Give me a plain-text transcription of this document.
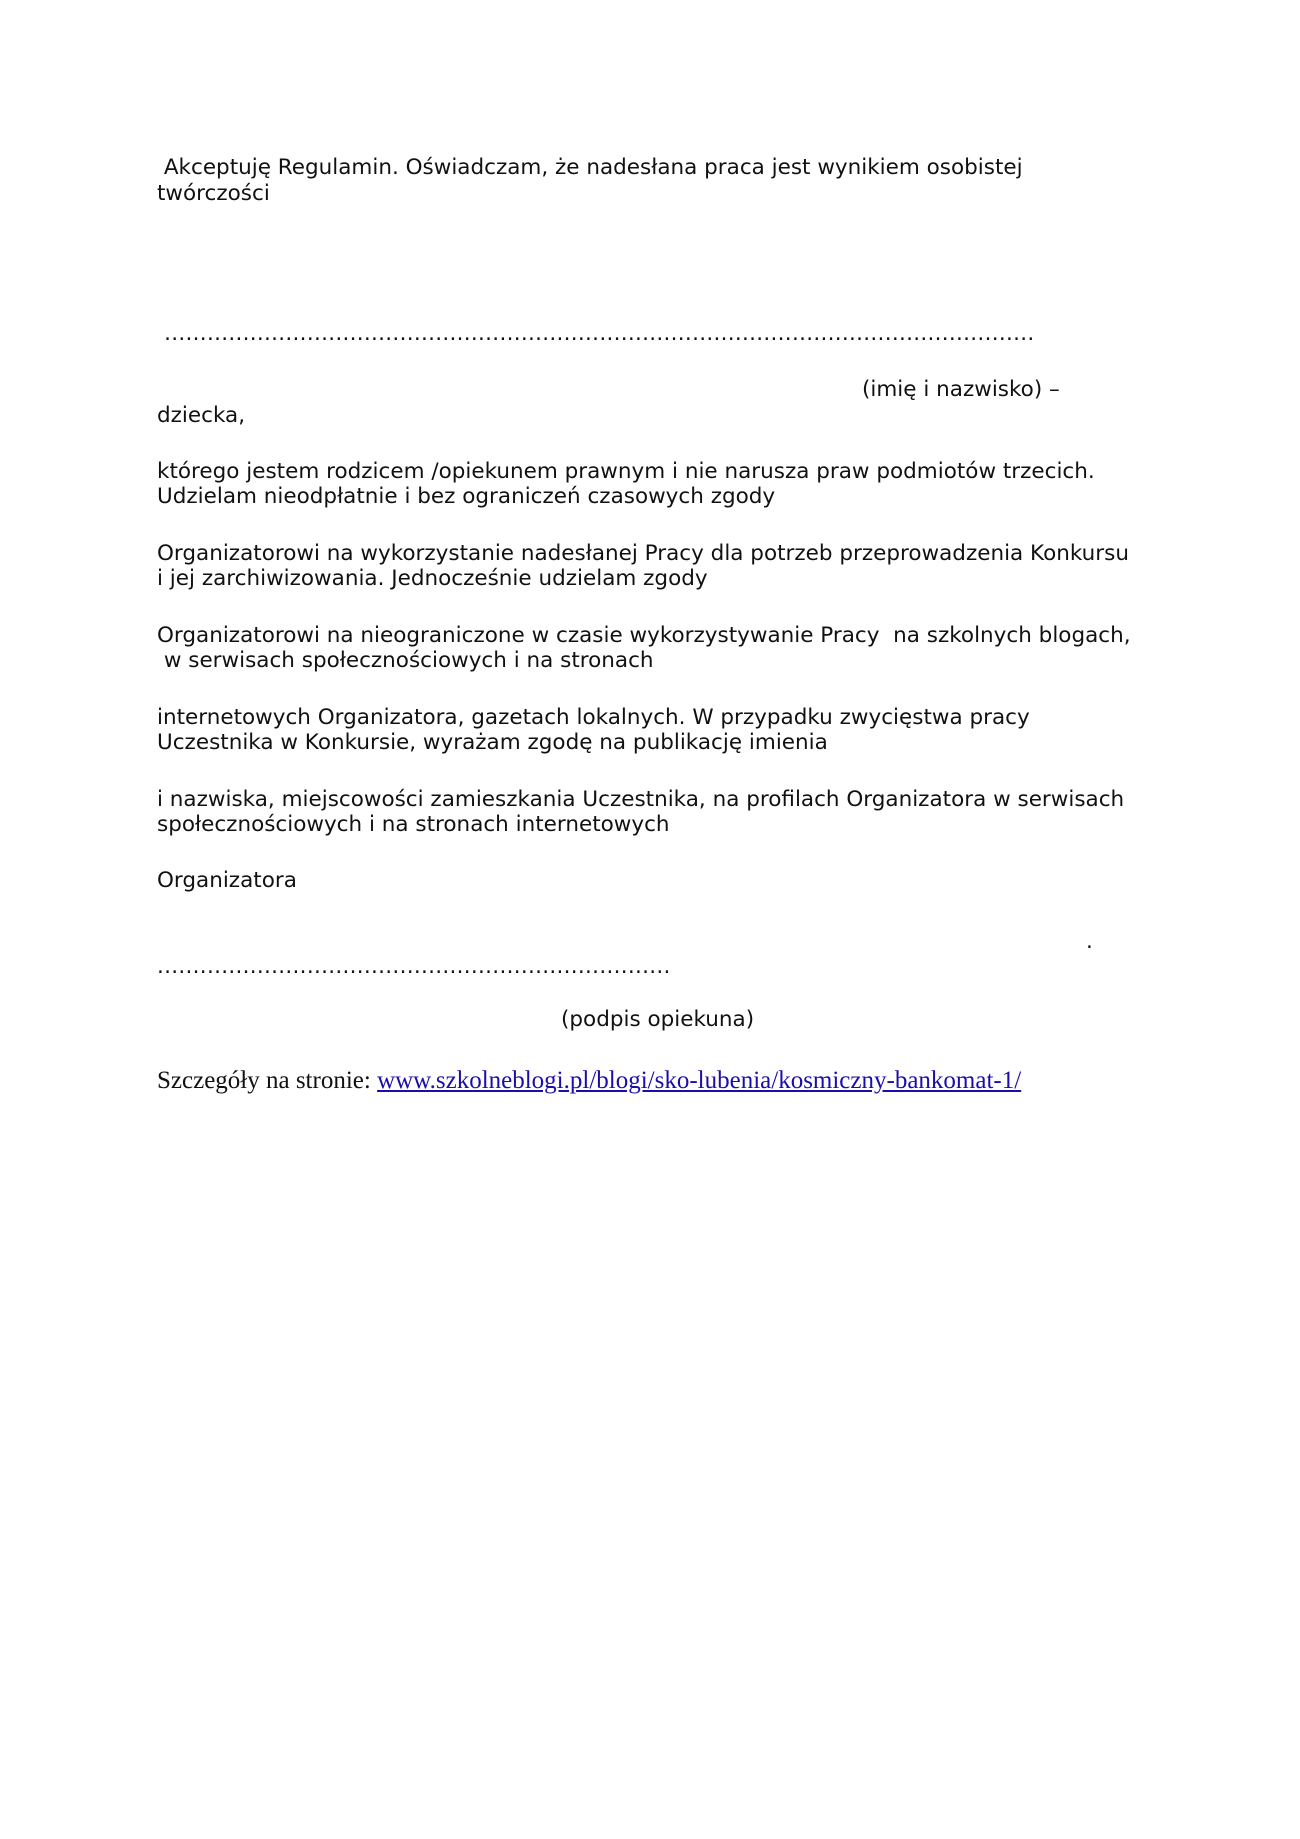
Akceptuję Regulamin. Oświadczam, że nadesłana praca jest wynikiem osobistej
twórczości
..........................................................................................................................
(imię i nazwisko) –
dziecka,
którego jestem rodzicem /opiekunem prawnym i nie narusza praw podmiotów trzecich.
Udzielam nieodpłatnie i bez ograniczeń czasowych zgody
Organizatorowi na wykorzystanie nadesłanej Pracy dla potrzeb przeprowadzenia Konkursu
i jej zarchiwizowania. Jednocześnie udzielam zgody
Organizatorowi na nieograniczone w czasie wykorzystywanie Pracy  na szkolnych blogach,
w serwisach społecznościowych i na stronach
internetowych Organizatora, gazetach lokalnych. W przypadku zwycięstwa pracy
Uczestnika w Konkursie, wyrażam zgodę na publikację imienia
i nazwiska, miejscowości zamieszkania Uczestnika, na profilach Organizatora w serwisach
społecznościowych i na stronach internetowych
Organizatora
.
........................................................................
(podpis opiekuna)
Szczegóły na stronie: www.szkolneblogi.pl/blogi/sko-lubenia/kosmiczny-bankomat-1/
